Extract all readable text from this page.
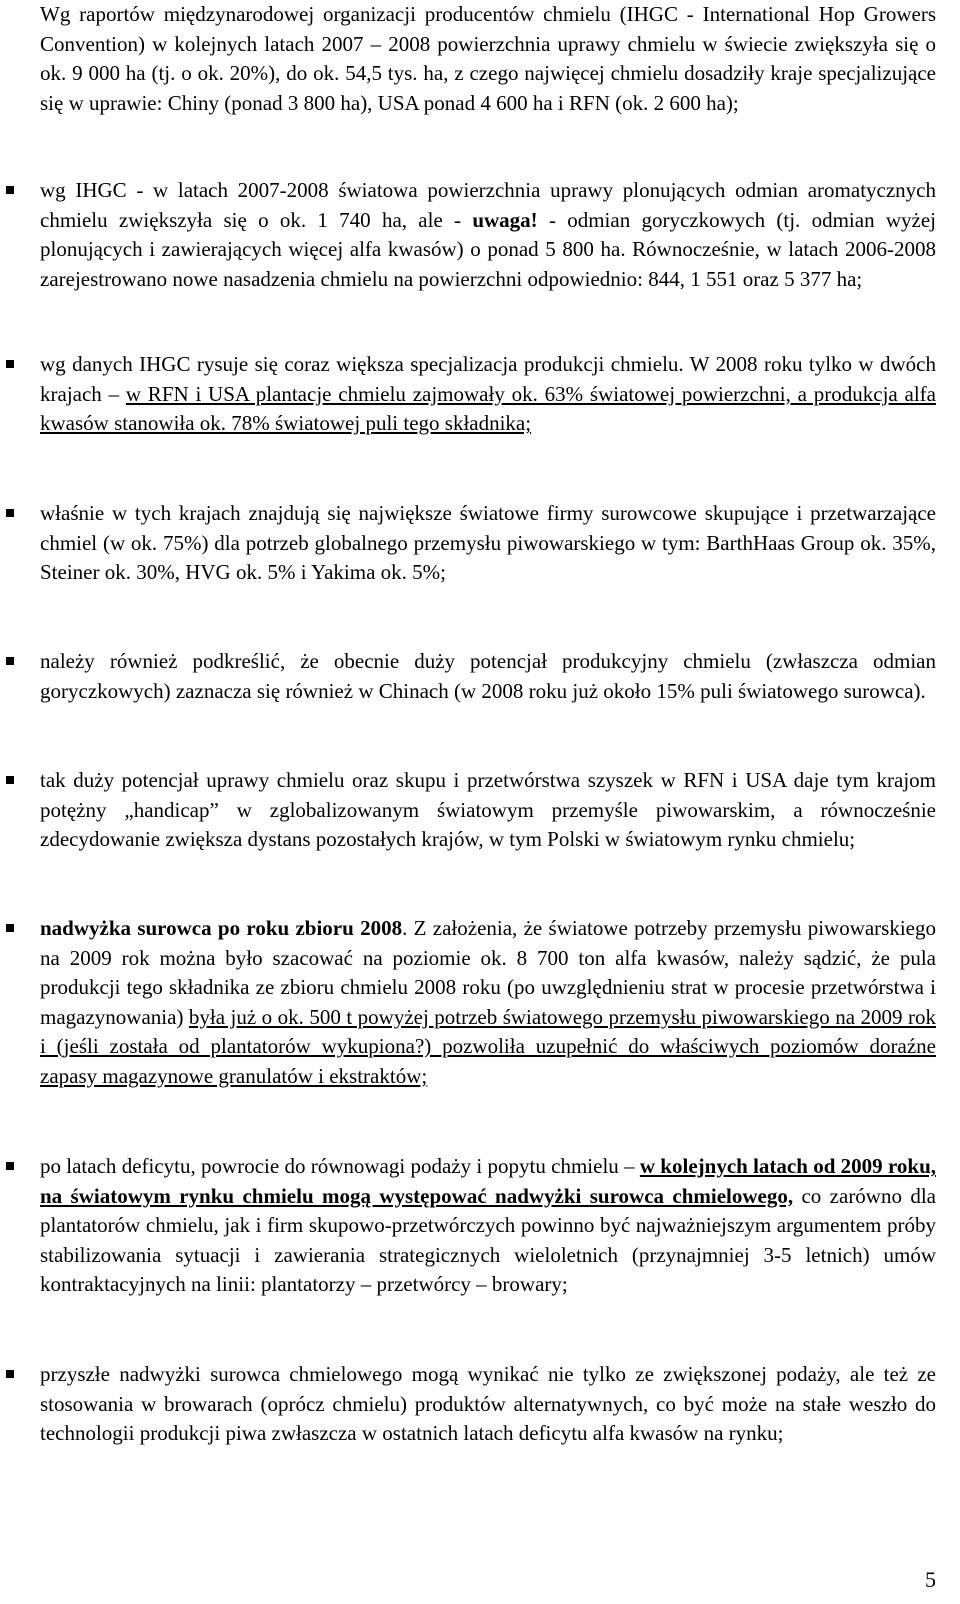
Wg raportów międzynarodowej organizacji producentów chmielu (IHGC - International Hop Growers Convention) w kolejnych latach 2007 – 2008 powierzchnia uprawy chmielu w świecie zwiększyła się o ok. 9 000 ha (tj. o ok. 20%), do ok. 54,5 tys. ha, z czego najwięcej chmielu dosadziły kraje specjalizujące się w uprawie: Chiny (ponad 3 800 ha), USA ponad 4 600 ha i RFN (ok. 2 600 ha);
wg IHGC - w latach 2007-2008 światowa powierzchnia uprawy plonujących odmian aromatycznych chmielu zwiększyła się o ok. 1 740 ha, ale - uwaga! - odmian goryczkowych (tj. odmian wyżej plonujących i zawierających więcej alfa kwasów) o ponad 5 800 ha. Równocześnie, w latach 2006-2008 zarejestrowano nowe nasadzenia chmielu na powierzchni odpowiednio: 844, 1 551 oraz 5 377 ha;
wg danych IHGC rysuje się coraz większa specjalizacja produkcji chmielu. W 2008 roku tylko w dwóch krajach – w RFN i USA plantacje chmielu zajmowały ok. 63% światowej powierzchni, a produkcja alfa kwasów stanowiła ok. 78% światowej puli tego składnika;
właśnie w tych krajach znajdują się największe światowe firmy surowcowe skupujące i przetwarzające chmiel (w ok. 75%) dla potrzeb globalnego przemysłu piwowarskiego w tym: BarthHaas Group ok. 35%, Steiner ok. 30%, HVG ok. 5% i Yakima ok. 5%;
należy również podkreślić, że obecnie duży potencjał produkcyjny chmielu (zwłaszcza odmian goryczkowych) zaznacza się również w Chinach (w 2008 roku już około 15% puli światowego surowca).
tak duży potencjał uprawy chmielu oraz skupu i przetwórstwa szyszek w RFN i USA daje tym krajom potężny „handicap” w zglobalizowanym światowym przemyśle piwowarskim, a równocześnie zdecydowanie zwiększa dystans pozostałych krajów, w tym Polski w światowym rynku chmielu;
nadwyżka surowca po roku zbioru 2008. Z założenia, że światowe potrzeby przemysłu piwowarskiego na 2009 rok można było szacować na poziomie ok. 8 700 ton alfa kwasów, należy sądzić, że pula produkcji tego składnika ze zbioru chmielu 2008 roku (po uwzględnieniu strat w procesie przetwórstwa i magazynowania) była już o ok. 500 t powyżej potrzeb światowego przemysłu piwowarskiego na 2009 rok i (jeśli została od plantatorów wykupiona?) pozwoliła uzupełnić do właściwych poziomów doraźne zapasy magazynowe granulatów i ekstraktów;
po latach deficytu, powrocie do równowagi podaży i popytu chmielu – w kolejnych latach od 2009 roku, na światowym rynku chmielu mogą występować nadwyżki surowca chmielowego, co zarówno dla plantatorów chmielu, jak i firm skupowo-przetwórczych powinno być najważniejszym argumentem próby stabilizowania sytuacji i zawierania strategicznych wieloletnich (przynajmniej 3-5 letnich) umów kontraktacyjnych na linii: plantatorzy – przetwórcy – browary;
przyszłe nadwyżki surowca chmielowego mogą wynikać nie tylko ze zwiększonej podaży, ale też ze stosowania w browarach (oprócz chmielu) produktów alternatywnych, co być może na stałe weszło do technologii produkcji piwa zwłaszcza w ostatnich latach deficytu alfa kwasów na rynku;
5
